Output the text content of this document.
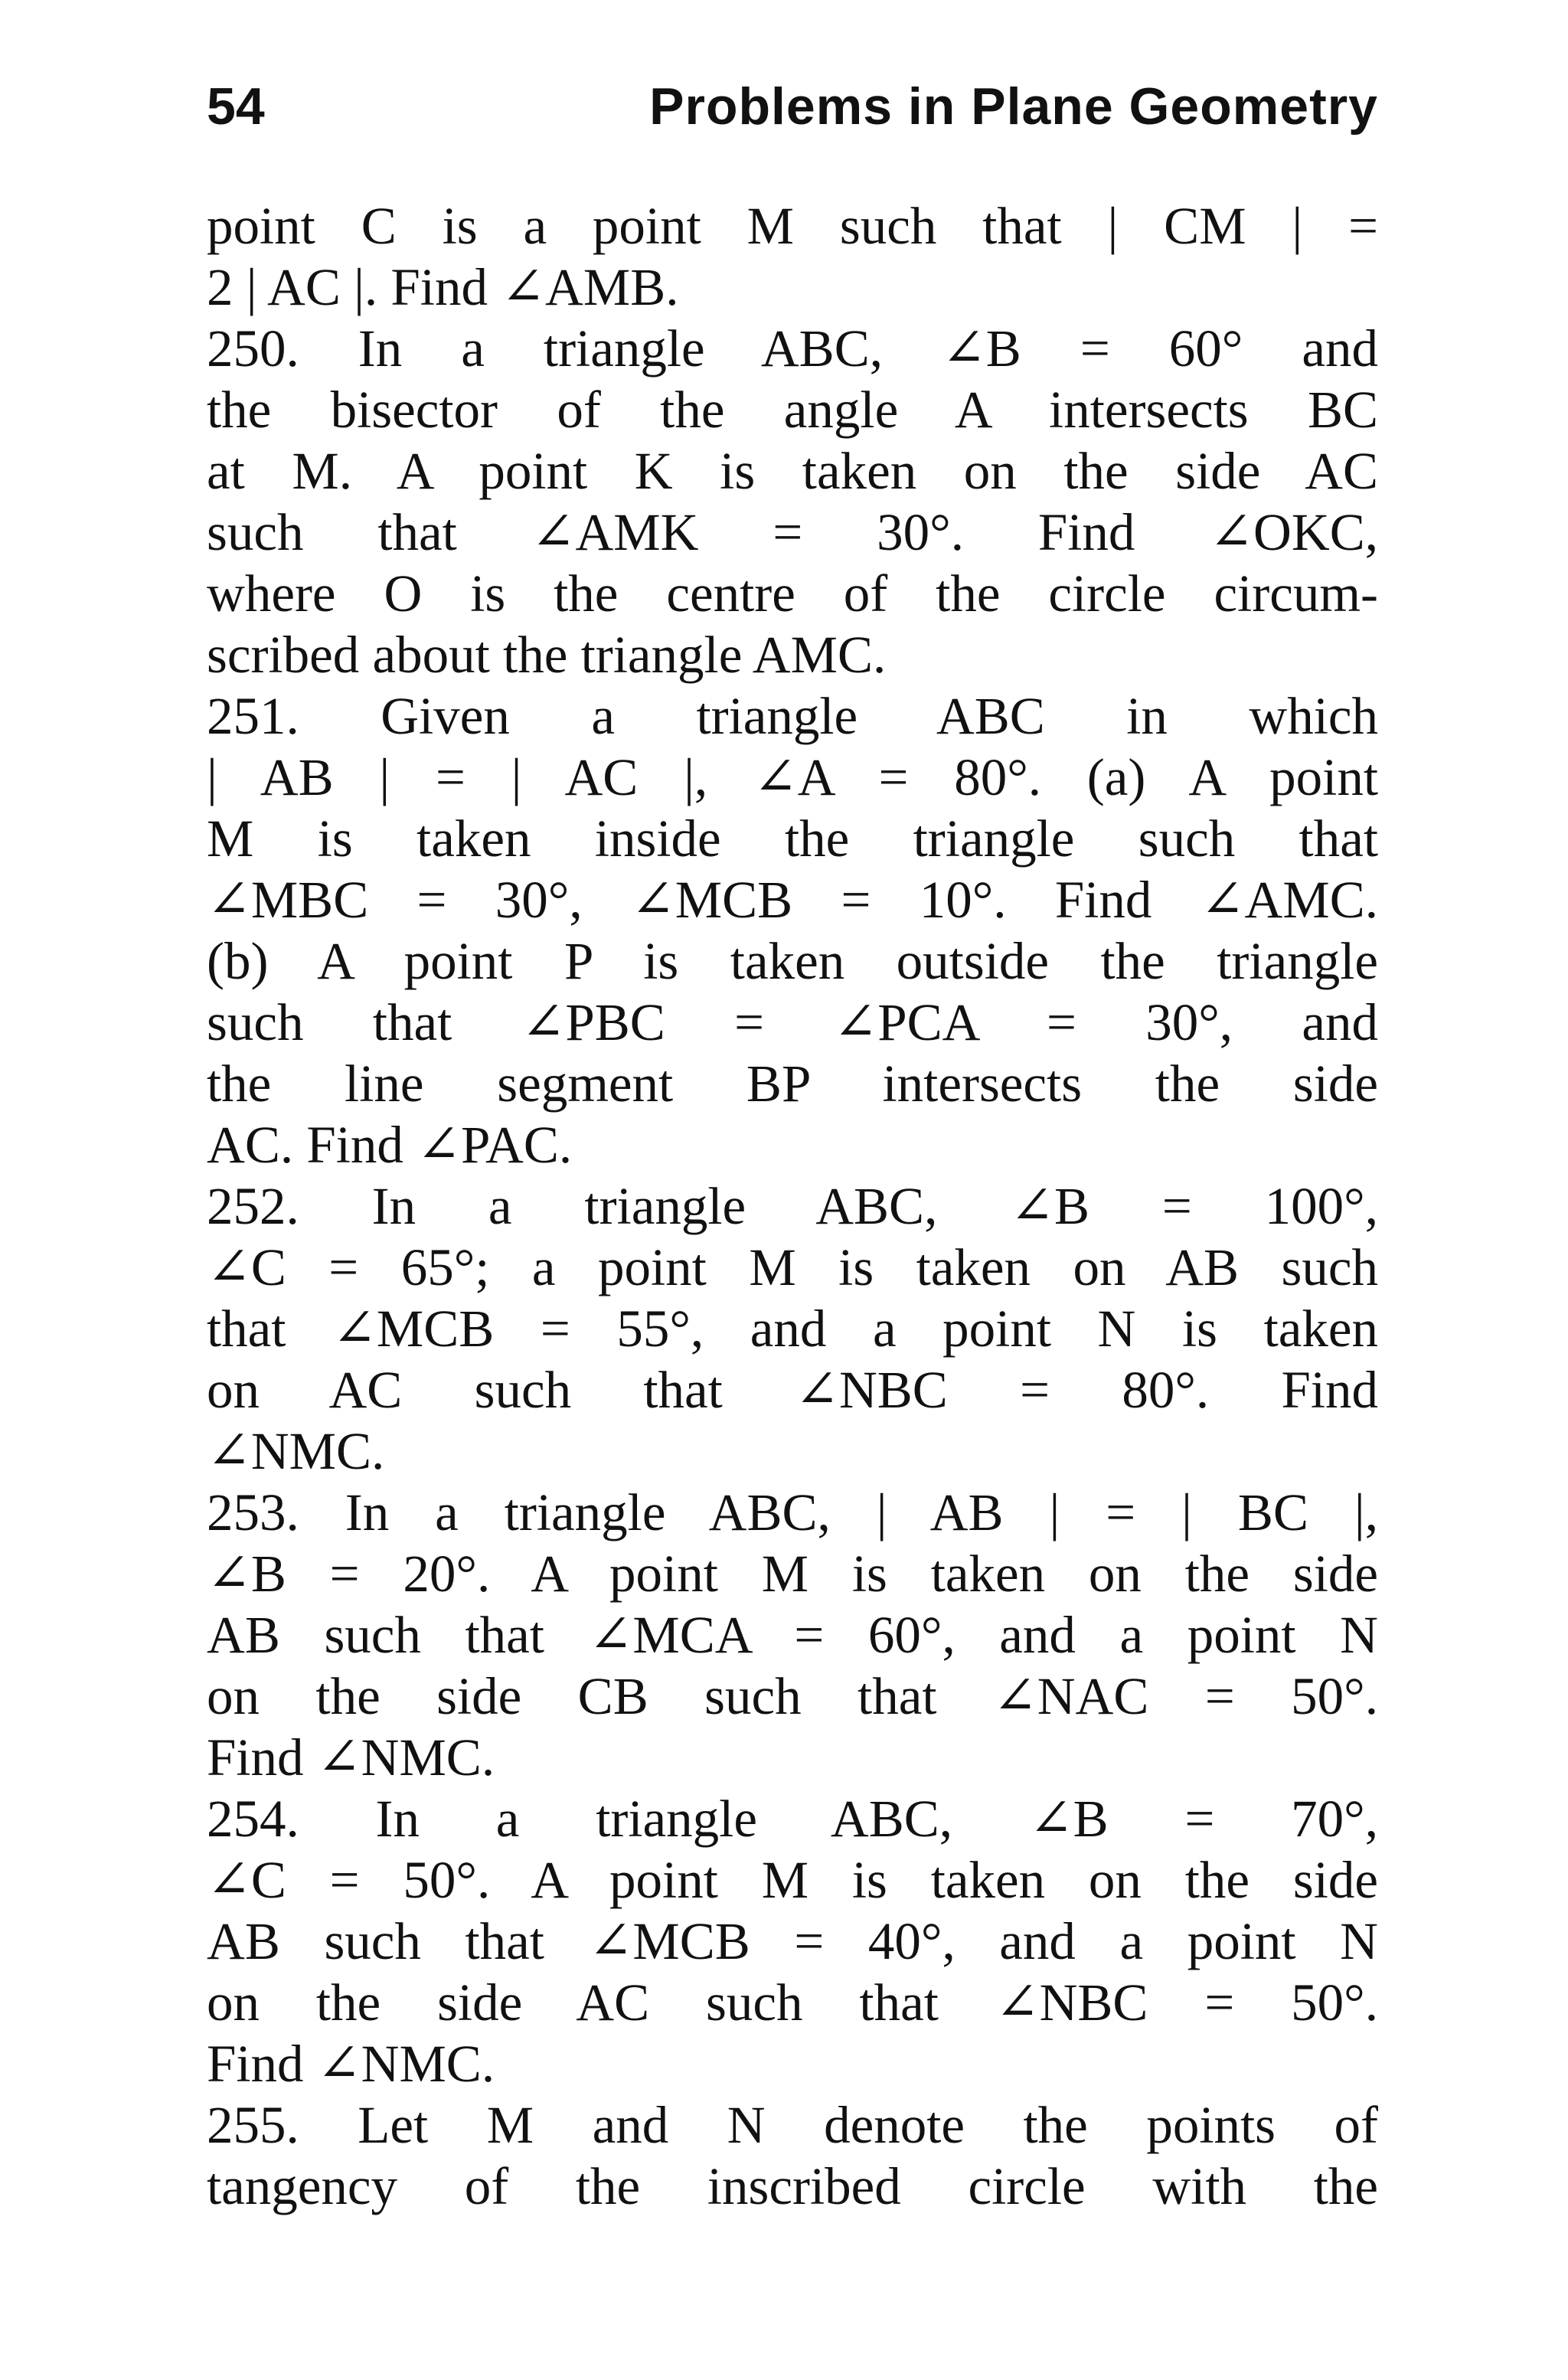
54	Problems in Plane Geometry
point C is a point M such that | CM | =
2 | AC |. Find ∠AMB.
250. In a triangle ABC, ∠B = 60° and
the bisector of the angle A intersects BC
at M. A point K is taken on the side AC
such that ∠AMK = 30°. Find ∠OKC,
where O is the centre of the circle circum-
scribed about the triangle AMC.
251. Given a triangle ABC in which
| AB | = | AC |, ∠A = 80°. (a) A point
M is taken inside the triangle such that
∠MBC = 30°, ∠MCB = 10°. Find ∠AMC.
(b) A point P is taken outside the triangle
such that ∠PBC = ∠PCA = 30°, and
the line segment BP intersects the side
AC. Find ∠PAC.
252. In a triangle ABC, ∠B = 100°,
∠C = 65°; a point M is taken on AB such
that ∠MCB = 55°, and a point N is taken
on AC such that ∠NBC = 80°. Find
∠NMC.
253. In a triangle ABC, | AB | = | BC |,
∠B = 20°. A point M is taken on the side
AB such that ∠MCA = 60°, and a point N
on the side CB such that ∠NAC = 50°.
Find ∠NMC.
254. In a triangle ABC, ∠B = 70°,
∠C = 50°. A point M is taken on the side
AB such that ∠MCB = 40°, and a point N
on the side AC such that ∠NBC = 50°.
Find ∠NMC.
255. Let M and N denote the points of
tangency of the inscribed circle with the
